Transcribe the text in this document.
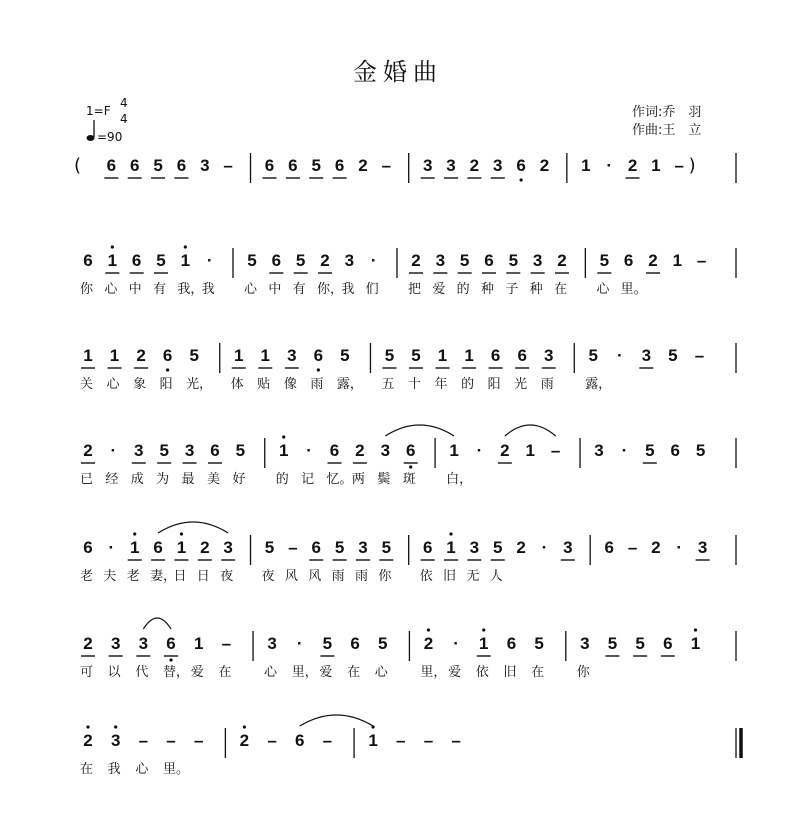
金婚曲
1=F
4
4
=90
作词:乔　羽
作曲:王　立
( 6 6 5 6 3 – 6 6 5 6 2 – 3 3 2 3 6 2 1 · 2 1 – )
6 1 6 5 1 ·	5 6 5 2 3 ·	2 3 5 6 5 3 2 5 6 2 1 –
你 心 中 有 我，
我	心 中 有 你，
我 们	把 爱 的 种 子 种 在	心 里。
1 1 2 6 5 1 1 3 6 5 5 5 1 1 6 6 3 5	·	3 5 –
关	心	象	阳	光，	体	贴	像	雨	露，	五	十	年	的	阳	光	雨	露，
2	·	3 5 3 6 5 1	·	6 2 3 6 1	·	2 1 – 3	·	5 6 5
已 经 成 为 最 美 好	的 记 忆。 两 鬓 斑	白，
6 · 1 6 1 2 3 5 – 6 5 3 5 6 1 3 5 2 · 3 6 – 2 · 3
老 夫 老 妻，
日 日 夜	夜 风 风 雨 雨 你	依 旧 无 人
2 3 3 6 1 – 3	·	5 6 5 2	·	1 6 5 3 5 5 6 1
可	以	代	替， 爱	在	心	里， 爱	在	心	里， 爱	依	旧	在	你
2 3 – – – 2 – 6 – 1 – – –
在	我	心	里。
